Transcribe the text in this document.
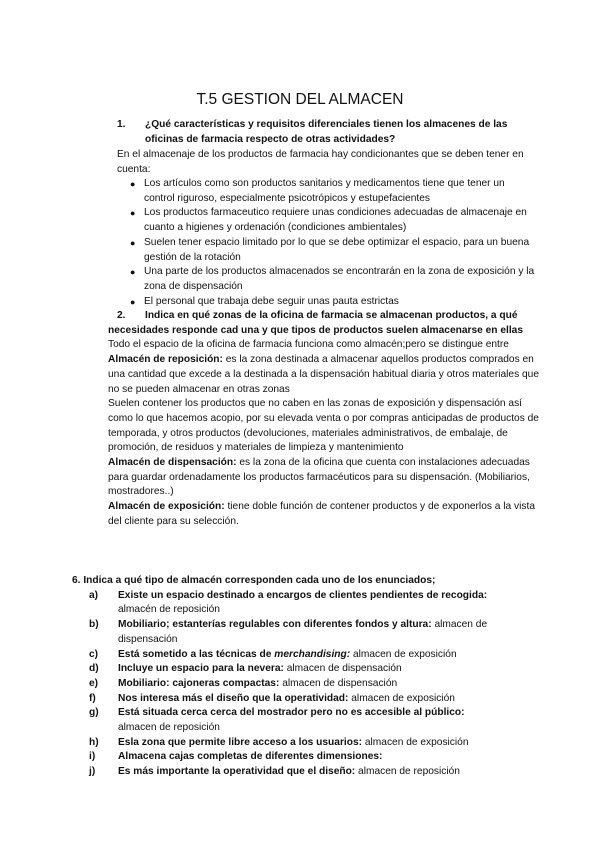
T.5 GESTION DEL ALMACEN
1. ¿Qué características y requisitos diferenciales tienen los almacenes de las oficinas de farmacia respecto de otras actividades?

En el almacenaje de los productos de farmacia hay condicionantes que se deben tener en cuenta:

● Los artículos como son productos sanitarios y medicamentos tiene que tener un control riguroso, especialmente psicotrópicos y estupefacientes
● Los productos farmaceutico requiere unas condiciones adecuadas de almacenaje en cuanto a higienes y ordenación (condiciones ambientales)
● Suelen tener espacio limitado por lo que se debe optimizar el espacio, para un buena gestión de la rotación
● Una parte de los productos almacenados se encontrarán en la zona de exposición y la zona de dispensación
● El personal que trabaja debe seguir unas pauta estrictas
2.	Indica en qué zonas de la oficina de farmacia se almacenan productos, a qué necesidades responde cad una y que tipos de productos suelen almacenarse en ellas

Todo el espacio de la oficina de farmacia funciona como almacén;pero se distingue entre

Almacén de reposición: es la zona destinada a almacenar aquellos productos comprados en una cantidad que excede a la destinada a la dispensación habitual diaria y otros materiales que no se pueden almacenar en otras zonas

Suelen contener los productos que no caben en las zonas de exposición y dispensación así como lo que hacemos acopio, por su elevada venta o por compras anticipadas de productos de temporada, y otros productos (devoluciones, materiales administrativos, de embalaje, de promoción, de residuos y materiales de limpieza y mantenimiento

Almacén de dispensación: es la zona de la oficina que cuenta con instalaciones adecuadas para guardar ordenadamente los productos farmacéuticos para su dispensación. (Mobiliarios, mostradores..)

Almacén de exposición: tiene doble función de contener productos y de exponerlos a la vista del cliente para su selección.

6. Indica a qué tipo de almacén corresponden cada uno de los enunciados;

a) Existe un espacio destinado a encargos de clientes pendientes de recogida:
almacén de reposición
b) Mobiliario; estanterías regulables con diferentes fondos y altura: almacen de dispensación
c) Está sometido a las técnicas de merchandising: almacen de exposición
d) Incluye un espacio para la nevera: almacen de dispensación
e) Mobiliario: cajoneras compactas: almacen de dispensación
f) Nos interesa más el diseño que la operatividad: almacen de exposición
g) Está situada cerca cerca del mostrador pero no es accesible al público:
almacen de reposición
h) Esla zona que permite libre acceso a los usuarios: almacen de exposición
i) Almacena cajas completas de diferentes dimensiones:
j) Es más importante la operatividad que el diseño: almacen de reposición
